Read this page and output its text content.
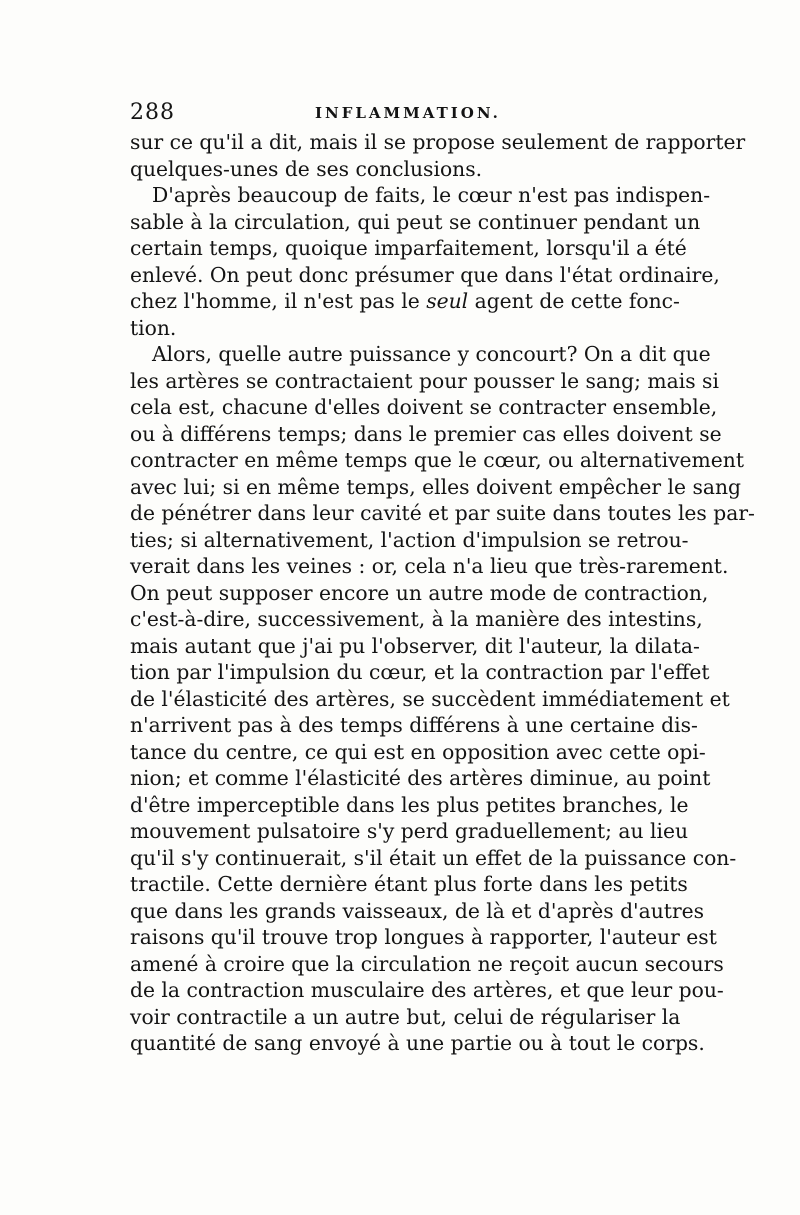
288	INFLAMMATION.
sur ce qu'il a dit, mais il se propose seulement de rapporter
quelques-unes de ses conclusions.
D'après beaucoup de faits, le cœur n'est pas indispen-
sable à la circulation, qui peut se continuer pendant un
certain temps, quoique imparfaitement, lorsqu'il a été
enlevé. On peut donc présumer que dans l'état ordinaire,
chez l'homme, il n'est pas le seul agent de cette fonc-
tion.
Alors, quelle autre puissance y concourt? On a dit que
les artères se contractaient pour pousser le sang; mais si
cela est, chacune d'elles doivent se contracter ensemble,
ou à différens temps; dans le premier cas elles doivent se
contracter en même temps que le cœur, ou alternativement
avec lui; si en même temps, elles doivent empêcher le sang
de pénétrer dans leur cavité et par suite dans toutes les par-
ties; si alternativement, l'action d'impulsion se retrou-
verait dans les veines : or, cela n'a lieu que très-rarement.
On peut supposer encore un autre mode de contraction,
c'est-à-dire, successivement, à la manière des intestins,
mais autant que j'ai pu l'observer, dit l'auteur, la dilata-
tion par l'impulsion du cœur, et la contraction par l'effet
de l'élasticité des artères, se succèdent immédiatement et
n'arrivent pas à des temps différens à une certaine dis-
tance du centre, ce qui est en opposition avec cette opi-
nion; et comme l'élasticité des artères diminue, au point
d'être imperceptible dans les plus petites branches, le
mouvement pulsatoire s'y perd graduellement; au lieu
qu'il s'y continuerait, s'il était un effet de la puissance con-
tractile. Cette dernière étant plus forte dans les petits
que dans les grands vaisseaux, de là et d'après d'autres
raisons qu'il trouve trop longues à rapporter, l'auteur est
amené à croire que la circulation ne reçoit aucun secours
de la contraction musculaire des artères, et que leur pou-
voir contractile a un autre but, celui de régulariser la
quantité de sang envoyé à une partie ou à tout le corps.
